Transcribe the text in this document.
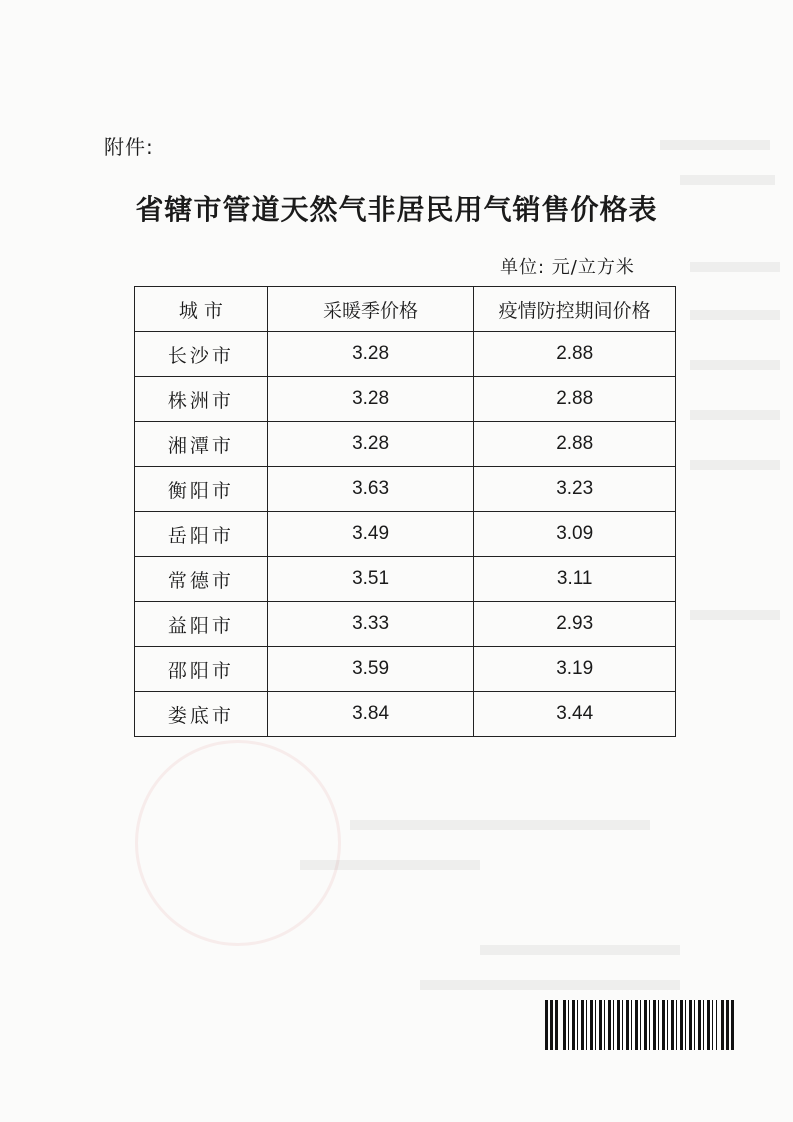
附件:
省辖市管道天然气非居民用气销售价格表
单位: 元/立方米
城 市	采暖季价格	疫情防控期间价格
长沙市	3.28	2.88
株洲市	3.28	2.88
湘潭市	3.28	2.88
衡阳市	3.63	3.23
岳阳市	3.49	3.09
常德市	3.51	3.11
益阳市	3.33	2.93
邵阳市	3.59	3.19
娄底市	3.84	3.44
